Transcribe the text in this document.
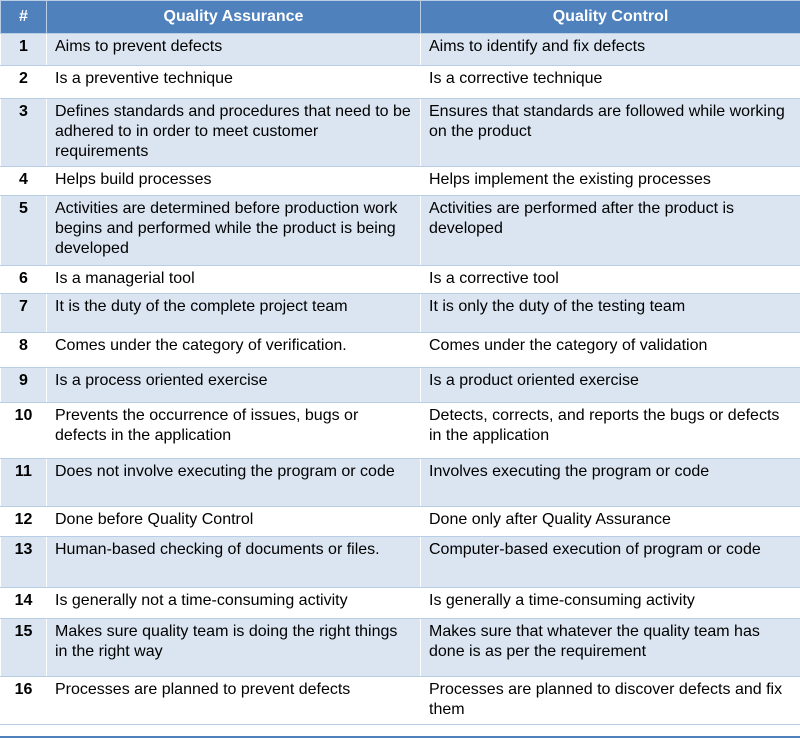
#	Quality Assurance	Quality Control
1	Aims to prevent defects	Aims to identify and fix defects
2	Is a preventive technique	Is a corrective technique
3	Defines standards and procedures that need to be adhered to in order to meet customer requirements	Ensures that standards are followed while working on the product
4	Helps build processes	Helps implement the existing processes
5	Activities are determined before production work begins and performed while the product is being developed	Activities are performed after the product is developed
6	Is a managerial tool	Is a corrective tool
7	It is the duty of the complete project team	It is only the duty of the testing team
8	Comes under the category of verification.	Comes under the category of validation
9	Is a process oriented exercise	Is a product oriented exercise
10	Prevents the occurrence of issues, bugs or defects in the application	Detects, corrects, and reports the bugs or defects in the application
11	Does not involve executing the program or code	Involves executing the program or code
12	Done before Quality Control	Done only after Quality Assurance
13	Human-based checking of documents or files.	Computer-based execution of program or code
14	Is generally not a time-consuming activity	Is generally a time-consuming activity
15	Makes sure quality team is doing the right things in the right way	Makes sure that whatever the quality team has done is as per the requirement
16	Processes are planned to prevent defects	Processes are planned to discover defects and fix them
